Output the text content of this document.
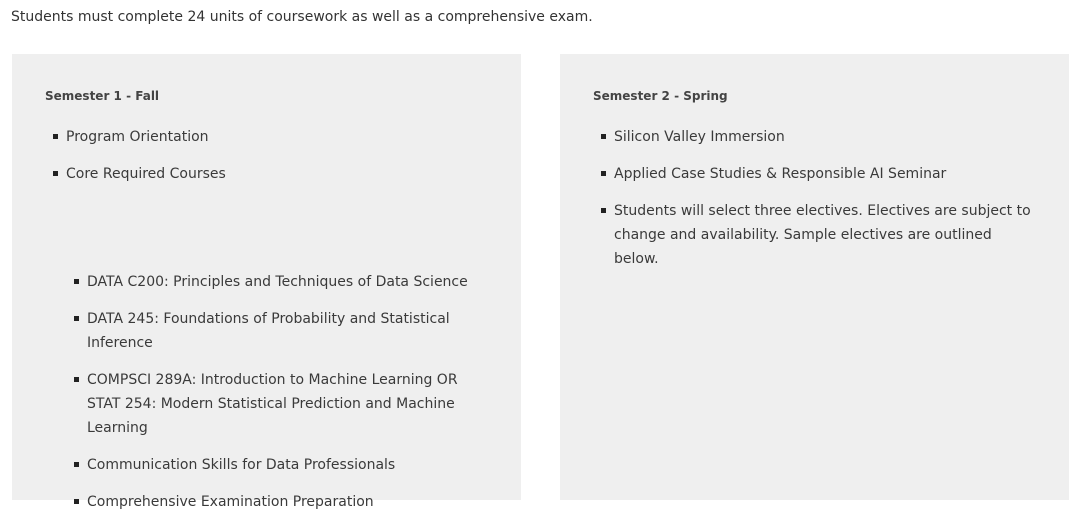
Students must complete 24 units of coursework as well as a comprehensive exam.
Semester 1 - Fall
Program Orientation
Core Required Courses
DATA C200: Principles and Techniques of Data Science
DATA 245: Foundations of Probability and Statistical Inference
COMPSCI 289A: Introduction to Machine Learning OR STAT 254: Modern Statistical Prediction and Machine Learning
Communication Skills for Data Professionals
Comprehensive Examination Preparation
Semester 2 - Spring
Silicon Valley Immersion
Applied Case Studies & Responsible AI Seminar
Students will select three electives. Electives are subject to change and availability. Sample electives are outlined below.
